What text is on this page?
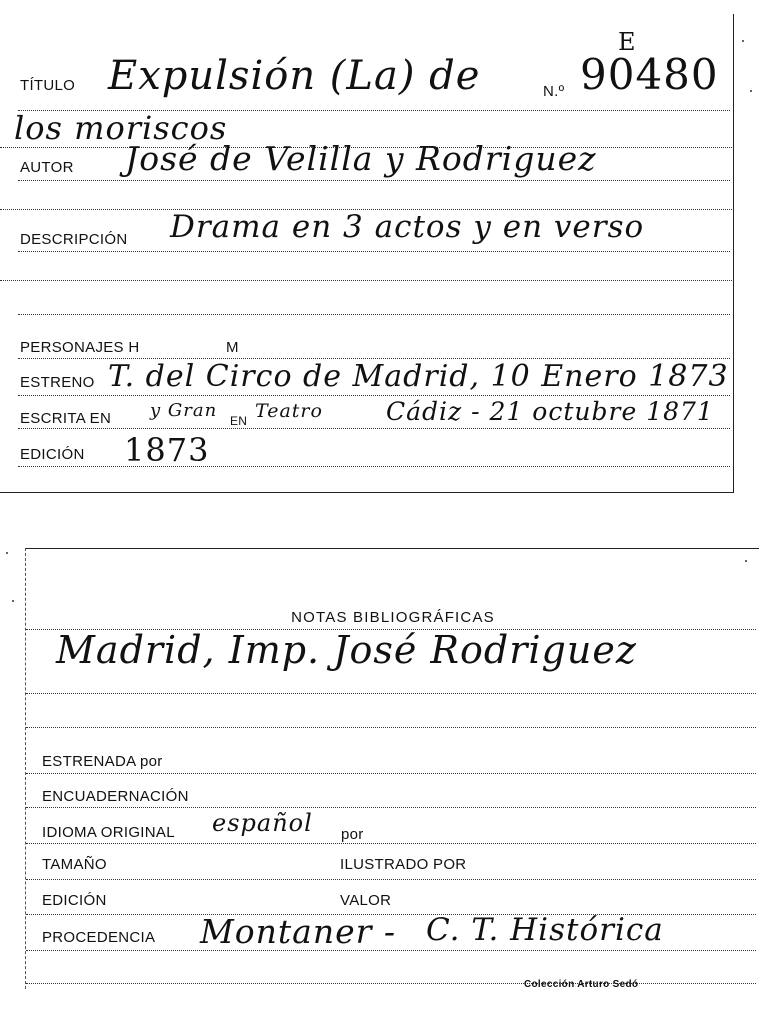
E
TÍTULO Expulsión (La) de	N.º 90480
los moriscos
AUTOR José de Velilla y Rodriguez
DESCRIPCIÓN Drama en 3 actos y en verso
PERSONAJES H	M
ESTRENO T. del Circo de Madrid, 10 Enero 1873
ESCRITA EN y Gran EN Teatro	Cádiz - 21 octubre 1871
EDICIÓN 1873
NOTAS BIBLIOGRÁFICAS
Madrid, Imp. José Rodriguez
ESTRENADA por
ENCUADERNACIÓN
IDIOMA ORIGINAL español por
TAMAÑO	ILUSTRADO POR
EDICIÓN	VALOR
PROCEDENCIA Montaner - C. T. Histórica
Colección Arturo Sedó
